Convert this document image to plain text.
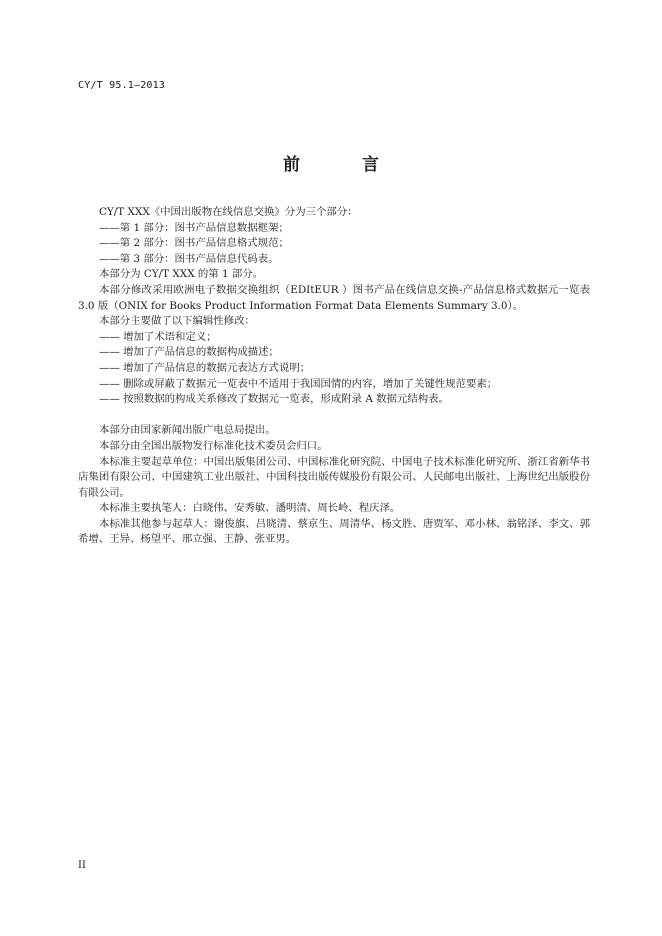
CY/T 95.1—2013
前 言

CY/T XXX《中国出版物在线信息交换》分为三个部分：

——第 1 部分：图书产品信息数据框架；

——第 2 部分：图书产品信息格式规范；

——第 3 部分：图书产品信息代码表。

本部分为 CY/T XXX 的第 1 部分。

本部分修改采用欧洲电子数据交换组织（EDItEUR ）图书产品在线信息交换-产品信息格式数据元一览表 3.0 版（ONIX for Books Product Information Format Data Elements Summary 3.0）。

本部分主要做了以下编辑性修改：

—— 增加了术语和定义；

—— 增加了产品信息的数据构成描述；

—— 增加了产品信息的数据元表达方式说明；

—— 删除或屏蔽了数据元一览表中不适用于我国国情的内容，增加了关键性规范要素；

—— 按照数据的构成关系修改了数据元一览表，形成附录 A 数据元结构表。

本部分由国家新闻出版广电总局提出。

本部分由全国出版物发行标准化技术委员会归口。

本标准主要起草单位：中国出版集团公司、中国标准化研究院、中国电子技术标准化研究所、浙江省新华书店集团有限公司、中国建筑工业出版社、中国科技出版传媒股份有限公司、人民邮电出版社、上海世纪出版股份有限公司。

本标准主要执笔人：白晓伟、安秀敏、潘明清、周长岭、程庆泽。

本标准其他参与起草人：谢俊旗、吕晓清、蔡京生、周清华、杨文胜、唐贾军、邓小林、翁铭泽、李文、郭希增、王异、杨望平、邢立强、王静、张亚男。

II
